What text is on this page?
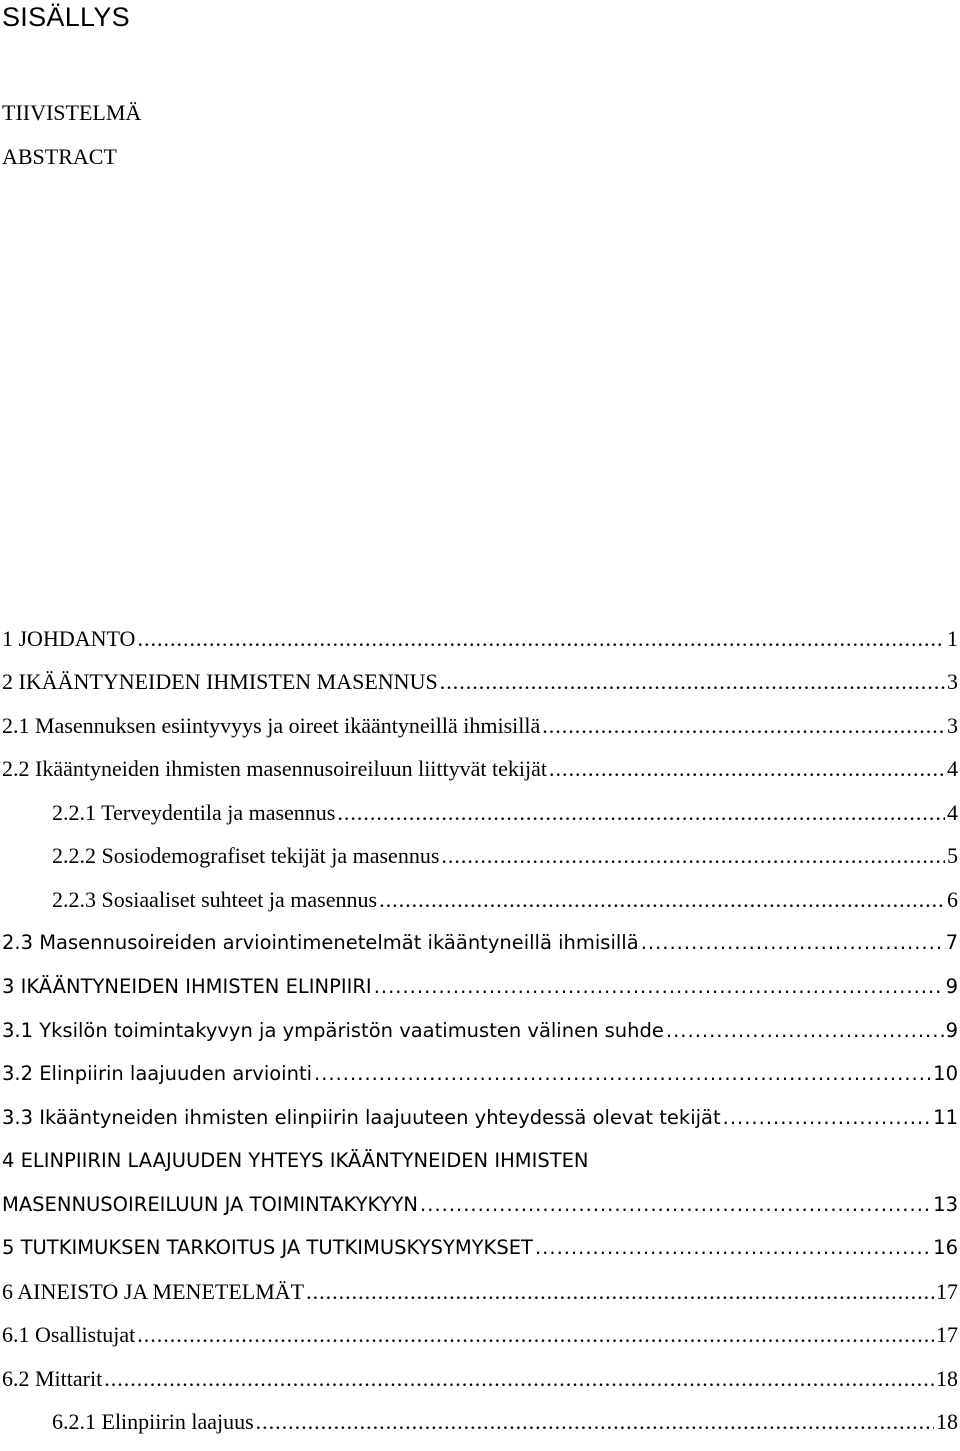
SISÄLLYS
TIIVISTELMÄ
ABSTRACT
1 JOHDANTO .....	1
2 IKÄÄNTYNEIDEN IHMISTEN MASENNUS .....	3
2.1 Masennuksen esiintyvyys ja oireet ikääntyneillä ihmisillä .....	3
2.2 Ikääntyneiden ihmisten masennusoireiluun liittyvät tekijät .....	4
2.2.1 Terveydentila ja masennus .....	4
2.2.2 Sosiodemografiset tekijät ja masennus .....	5
2.2.3 Sosiaaliset suhteet ja masennus .....	6
2.3 Masennusoireiden arviointimenetelmät ikääntyneillä ihmisillä .....	7
3 IKÄÄNTYNEIDEN IHMISTEN ELINPIIRI .....	9
3.1 Yksilön toimintakyvyn ja ympäristön vaatimusten välinen suhde .....	9
3.2 Elinpiirin laajuuden arviointi .....	10
3.3 Ikääntyneiden ihmisten elinpiirin laajuuteen yhteydessä olevat tekijät .....	11
4 ELINPIIRIN LAAJUUDEN YHTEYS IKÄÄNTYNEIDEN IHMISTEN
MASENNUSOIREILUUN JA TOIMINTAKYKYYN .....	13
5 TUTKIMUKSEN TARKOITUS JA TUTKIMUSKYSYMYKSET .....	16
6 AINEISTO JA MENETELMÄT .....	17
6.1 Osallistujat .....	17
6.2 Mittarit .....	18
6.2.1 Elinpiirin laajuus .....	18
